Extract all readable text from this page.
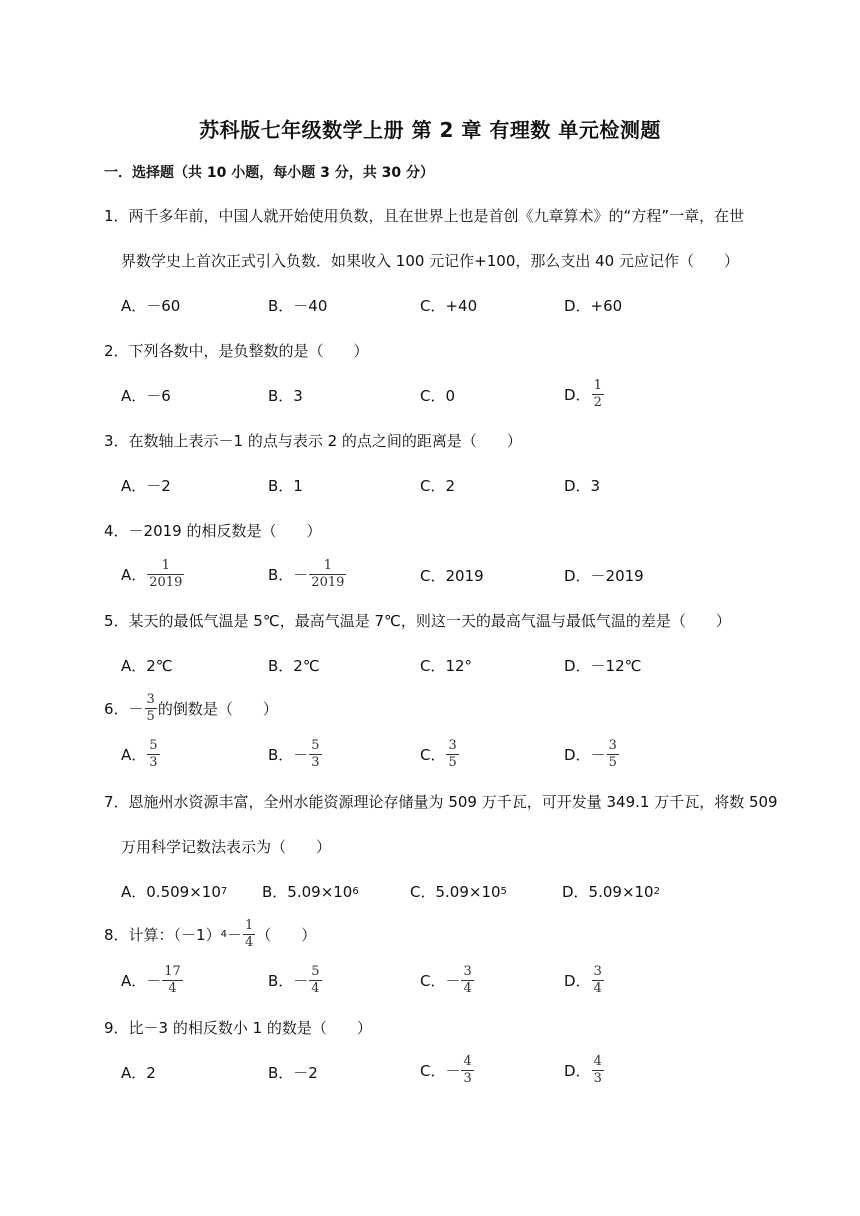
苏科版七年级数学上册 第 2 章 有理数 单元检测题
一．选择题（共 10 小题，每小题 3 分，共 30 分）
1．两千多年前，中国人就开始使用负数，且在世界上也是首创《九章算术》的“方程”一章，在世
界数学史上首次正式引入负数．如果收入 100 元记作+100，那么支出 40 元应记作（　　）
A．－60	B．－40	C．+40	D．+60
2．下列各数中，是负整数的是（　　）
A．－6	B．3	C．0	D． $\frac{1}{2}$
3．在数轴上表示－1 的点与表示 2 的点之间的距离是（　　）
A．－2	B．1	C．2	D．3
4．－2019 的相反数是（　　）
A． $\frac{1}{2019}$	B．－ $\frac{1}{2019}$	C．2019	D．－2019
5．某天的最低气温是 5℃，最高气温是 7℃，则这一天的最高气温与最低气温的差是（　　）
A．2℃	B．2℃	C．12°	D．－12℃
6．－ $\frac{3}{5}$ 的倒数是（　　）
A． $\frac{5}{3}$	B．－ $\frac{5}{3}$	C． $\frac{3}{5}$	D．－ $\frac{3}{5}$
7．恩施州水资源丰富，全州水能资源理论存储量为 509 万千瓦，可开发量 349.1 万千瓦，将数 509
万用科学记数法表示为（　　）
A．0.509×10 7 B．5.09×10 6	C．5.09×10 5	D．5.09×10 2
8．计算：（－1） $4 - \frac{1}{4}$ （　　）
A．－ $\frac{17}{4}$	B．－ $\frac{5}{4}$	C．－ $\frac{3}{4}$	D． $\frac{3}{4}$
9．比－3 的相反数小 1 的数是（　　）
A．2	B．－2	C．－ $\frac{4}{3}$	D． $\frac{4}{3}$
